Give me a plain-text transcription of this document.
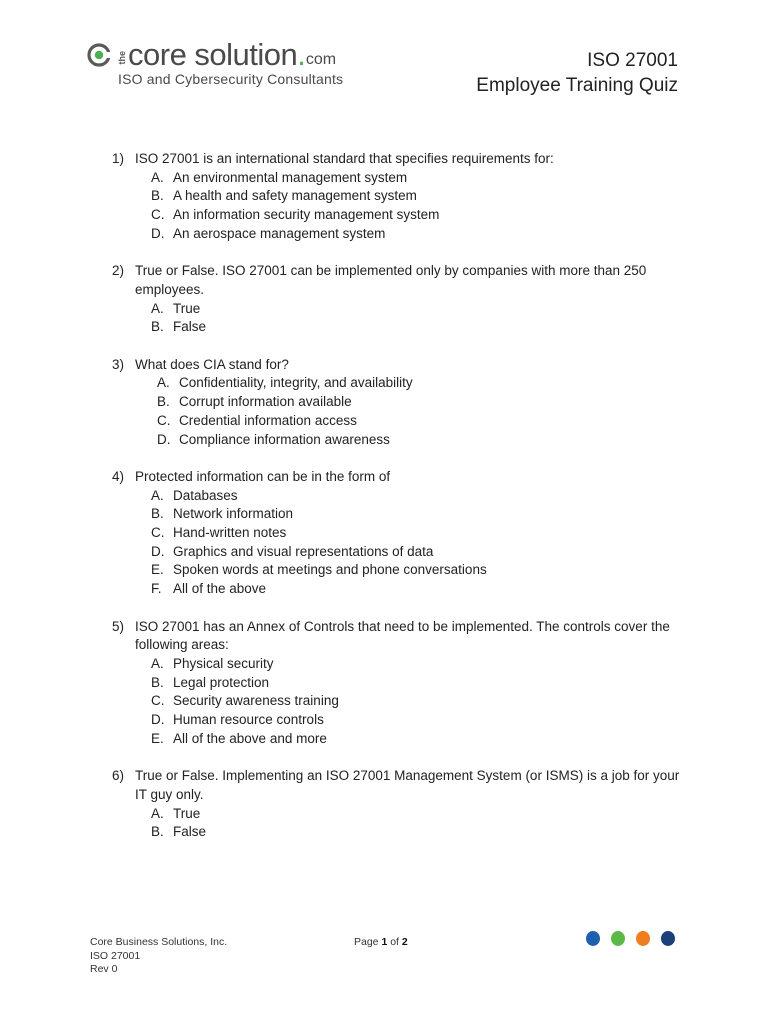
the core solution . com
ISO and Cybersecurity Consultants
ISO 27001
Employee Training Quiz
1) ISO 27001 is an international standard that specifies requirements for:
A. An environmental management system
B. A health and safety management system
C. An information security management system
D. An aerospace management system
2) True or False. ISO 27001 can be implemented only by companies with more than 250 employees.
A. True
B. False
3) What does CIA stand for?
A. Confidentiality, integrity, and availability
B. Corrupt information available
C. Credential information access
D. Compliance information awareness
4) Protected information can be in the form of
A. Databases
B. Network information
C. Hand-written notes
D. Graphics and visual representations of data
E. Spoken words at meetings and phone conversations
F. All of the above
5) ISO 27001 has an Annex of Controls that need to be implemented. The controls cover the following areas:
A. Physical security
B. Legal protection
C. Security awareness training
D. Human resource controls
E. All of the above and more
6) True or False. Implementing an ISO 27001 Management System (or ISMS) is a job for your IT guy only.
A. True
B. False
Core Business Solutions, Inc.
ISO 27001
Rev 0
Page 1 of 2
